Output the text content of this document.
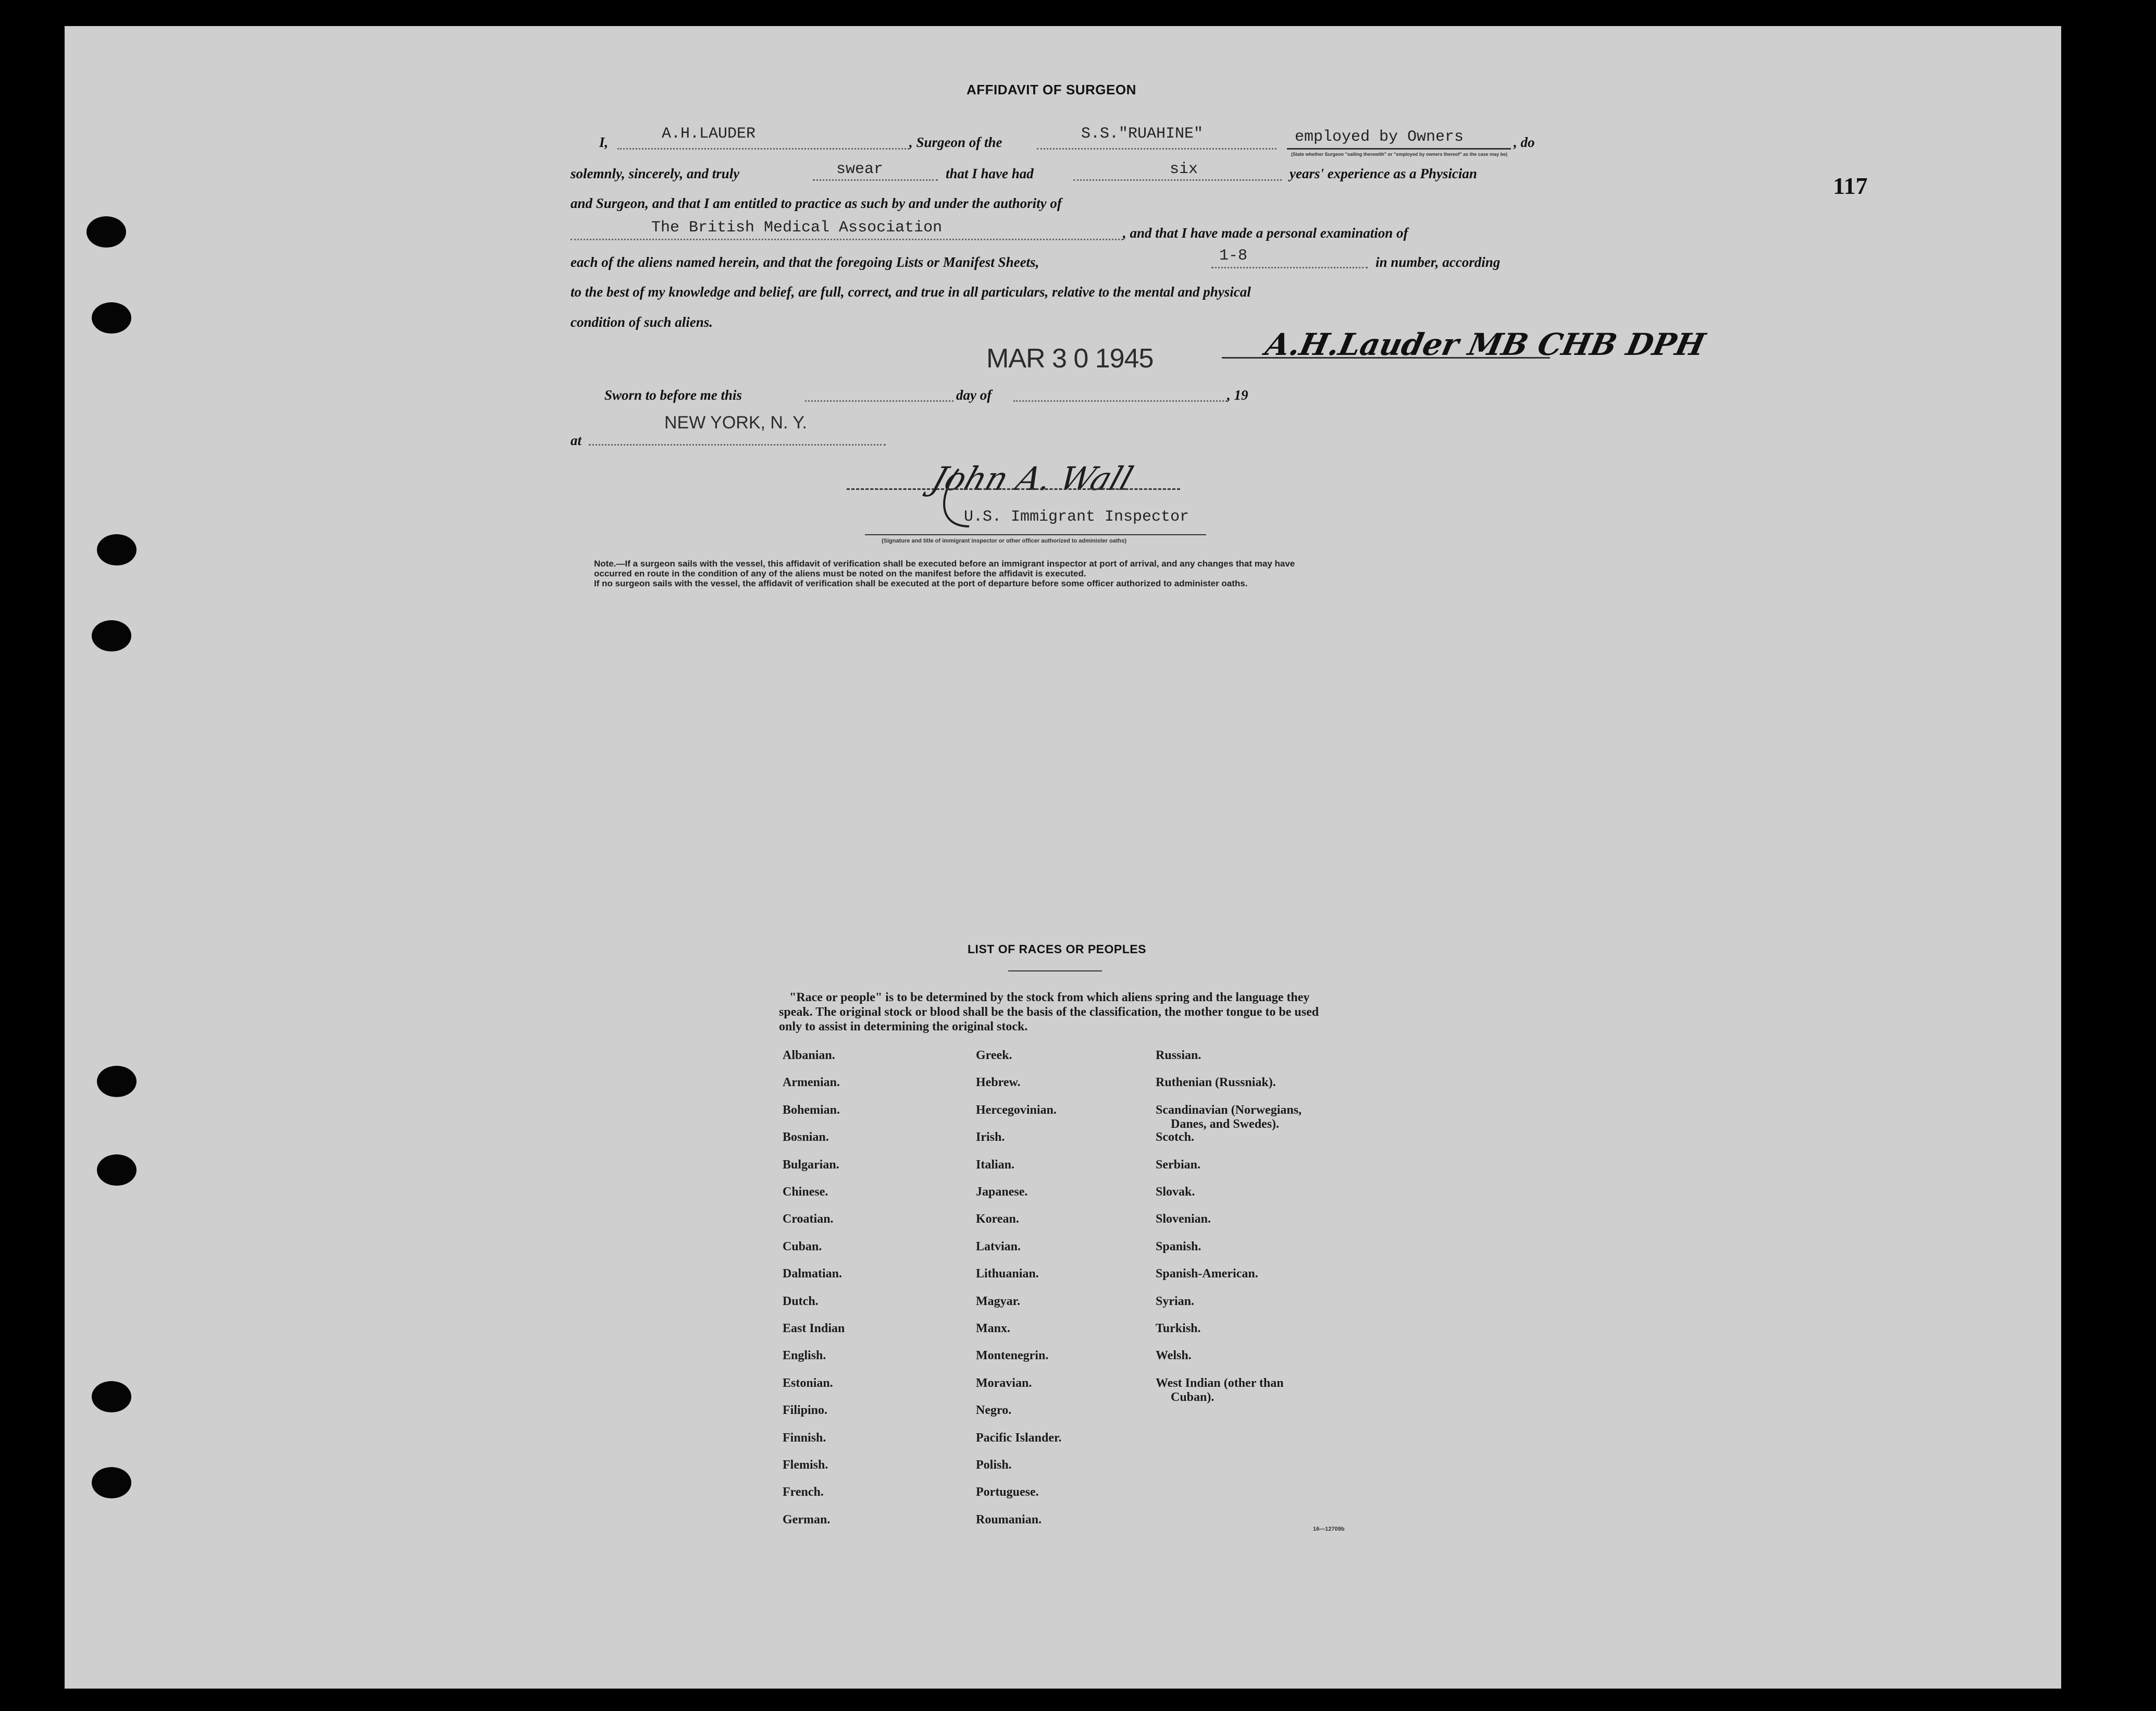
AFFIDAVIT OF SURGEON
117
I,	A.H.LAUDER	, Surgeon of the	S.S."RUAHINE"	employed by Owners	, do
(State whether Surgeon "sailing therewith" or "employed by owners thereof" as the case may be)
solemnly, sincerely, and truly	swear	that I have had	six	years' experience as a Physician
and Surgeon, and that I am entitled to practice as such by and under the authority of
The British Medical Association	, and that I have made a personal examination of
each of the aliens named herein, and that the foregoing Lists or Manifest Sheets,	1-8	in number, according
to the best of my knowledge and belief, are full, correct, and true in all particulars, relative to the mental and physical
condition of such aliens.
MAR 3 0 1945	A.H.Lauder MB CHB DPH
Sworn to before me this	day of	, 19
at
NEW YORK, N. Y.
John A. Wall
U.S. Immigrant Inspector
(Signature and title of immigrant inspector or other officer authorized to administer oaths)
Note.—If a surgeon sails with the vessel, this affidavit of verification shall be executed before an immigrant inspector at port of arrival, and any changes that may have
occurred en route in the condition of any of the aliens must be noted on the manifest before the affidavit is executed.
If no surgeon sails with the vessel, the affidavit of verification shall be executed at the port of departure before some officer authorized to administer oaths.
LIST OF RACES OR PEOPLES
"Race or people" is to be determined by the stock from which aliens spring and the language they speak. The original stock or blood shall be the basis of the classification, the mother tongue to be used only to assist in determining the original stock.
Albanian.
Armenian.
Bohemian.
Bosnian.
Bulgarian.
Chinese.
Croatian.
Cuban.
Dalmatian.
Dutch.
East Indian
English.
Estonian.
Filipino.
Finnish.
Flemish.
French.
German.
Greek.
Hebrew.
Hercegovinian.
Irish.
Italian.
Japanese.
Korean.
Latvian.
Lithuanian.
Magyar.
Manx.
Montenegrin.
Moravian.
Negro.
Pacific Islander.
Polish.
Portuguese.
Roumanian.
Russian.
Ruthenian (Russniak).
Scandinavian (Norwegians,
Danes, and Swedes).
Scotch.
Serbian.
Slovak.
Slovenian.
Spanish.
Spanish-American.
Syrian.
Turkish.
Welsh.
West Indian (other than
Cuban).
16—12709b
